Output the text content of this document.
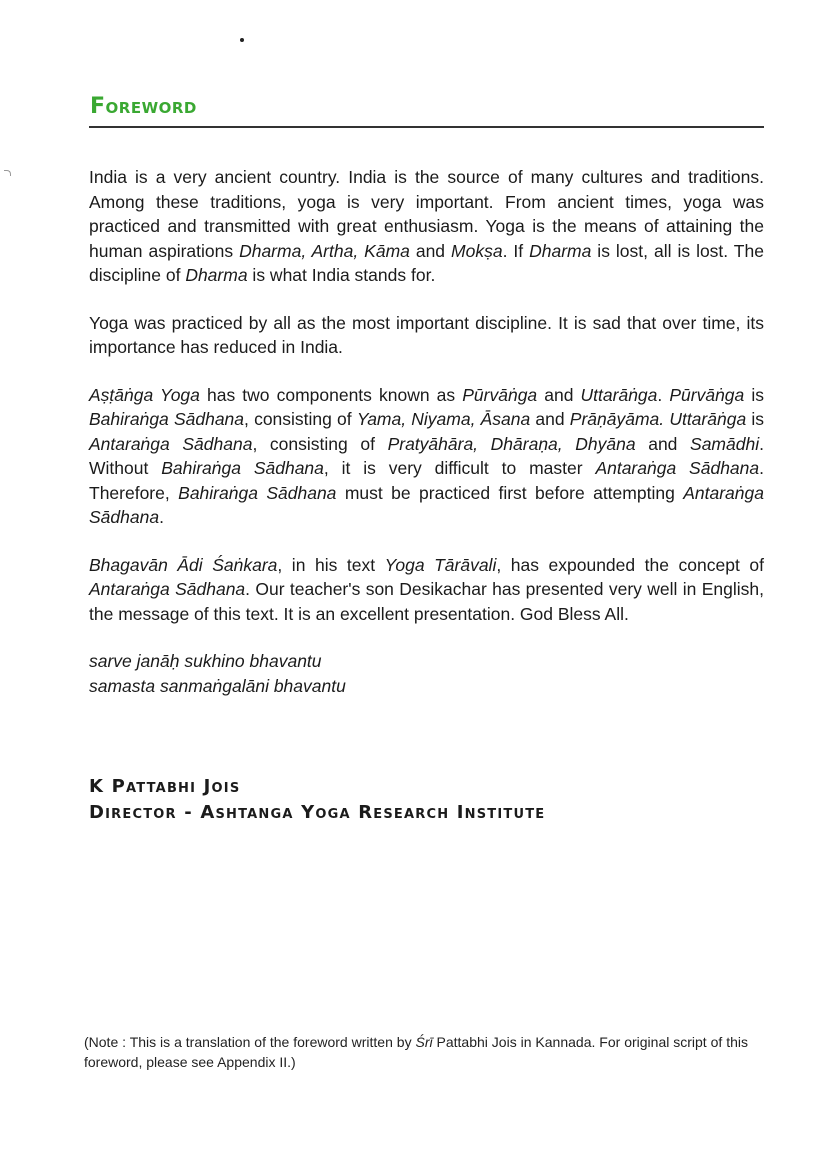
Foreword

India is a very ancient country. India is the source of many cultures and traditions. Among these traditions, yoga is very important. From ancient times, yoga was practiced and transmitted with great enthusiasm. Yoga is the means of attaining the human aspirations Dharma, Artha, Kāma and Mokṣa. If Dharma is lost, all is lost. The discipline of Dharma is what India stands for.

Yoga was practiced by all as the most important discipline. It is sad that over time, its importance has reduced in India.

Aṣṭāṅga Yoga has two components known as Pūrvāṅga and Uttarāṅga. Pūrvāṅga is Bahiraṅga Sādhana, consisting of Yama, Niyama, Āsana and Prāṇāyāma. Uttarāṅga is Antaraṅga Sādhana, consisting of Pratyāhāra, Dhāraṇa, Dhyāna and Samādhi. Without Bahiraṅga Sādhana, it is very difficult to master Antaraṅga Sādhana. Therefore, Bahiraṅga Sādhana must be practiced first before attempting Antaraṅga Sādhana.

Bhagavān Ādi Śaṅkara, in his text Yoga Tārāvali, has expounded the concept of Antaraṅga Sādhana. Our teacher's son Desikachar has presented very well in English, the message of this text. It is an excellent presentation. God Bless All.

sarve janāḥ sukhino bhavantu
samasta sanmaṅgalāni bhavantu

K Pattabhi Jois
Director - Ashtanga Yoga Research Institute
(Note : This is a translation of the foreword written by Śrī Pattabhi Jois in Kannada. For original script of this foreword, please see Appendix II.)
